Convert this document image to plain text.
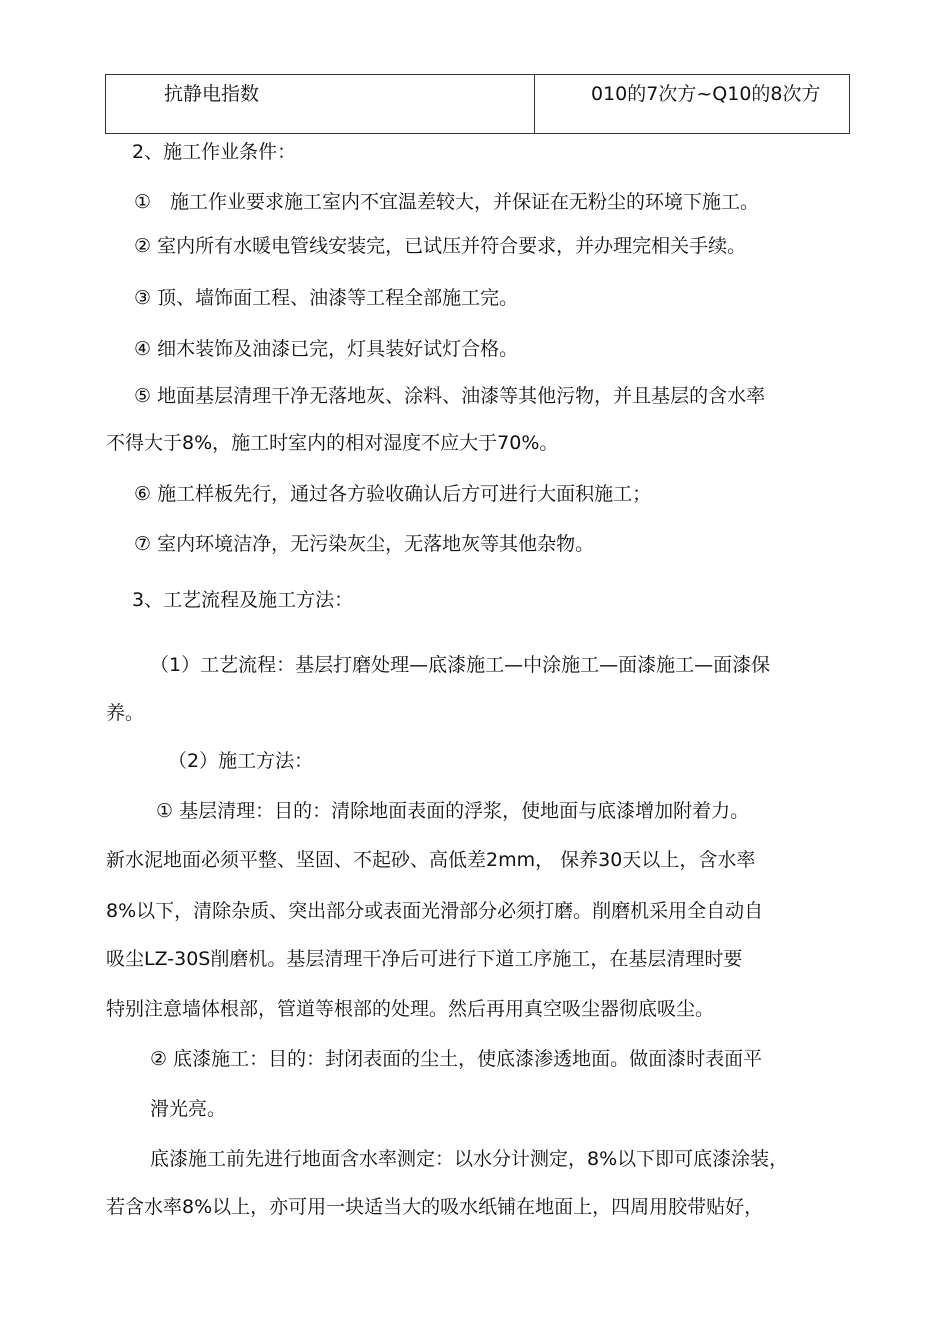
抗静电指数	010的7次方~Q10的8次方
2、施工作业条件：
①　施工作业要求施工室内不宜温差较大，并保证在无粉尘的环境下施工。
② 室内所有水暖电管线安装完，已试压并符合要求，并办理完相关手续。
③ 顶、墙饰面工程、油漆等工程全部施工完。
④ 细木装饰及油漆已完，灯具装好试灯合格。
⑤ 地面基层清理干净无落地灰、涂料、油漆等其他污物，并且基层的含水率
不得大于8%，施工时室内的相对湿度不应大于70%。
⑥ 施工样板先行，通过各方验收确认后方可进行大面积施工；
⑦ 室内环境洁净，无污染灰尘，无落地灰等其他杂物。
3、工艺流程及施工方法：
（1）工艺流程：基层打磨处理—底漆施工—中涂施工—面漆施工—面漆保
养。
（2）施工方法：
① 基层清理：目的：清除地面表面的浮浆，使地面与底漆增加附着力。
新水泥地面必须平整、坚固、不起砂、高低差2mm， 保养30天以上，含水率
8%以下，清除杂质、突出部分或表面光滑部分必须打磨。削磨机采用全自动自
吸尘LZ-30S削磨机。基层清理干净后可进行下道工序施工，在基层清理时要
特别注意墙体根部，管道等根部的处理。然后再用真空吸尘器彻底吸尘。
② 底漆施工：目的：封闭表面的尘土，使底漆渗透地面。做面漆时表面平
滑光亮。
底漆施工前先进行地面含水率测定：以水分计测定，8%以下即可底漆涂装，
若含水率8%以上，亦可用一块适当大的吸水纸铺在地面上，四周用胶带贴好，
